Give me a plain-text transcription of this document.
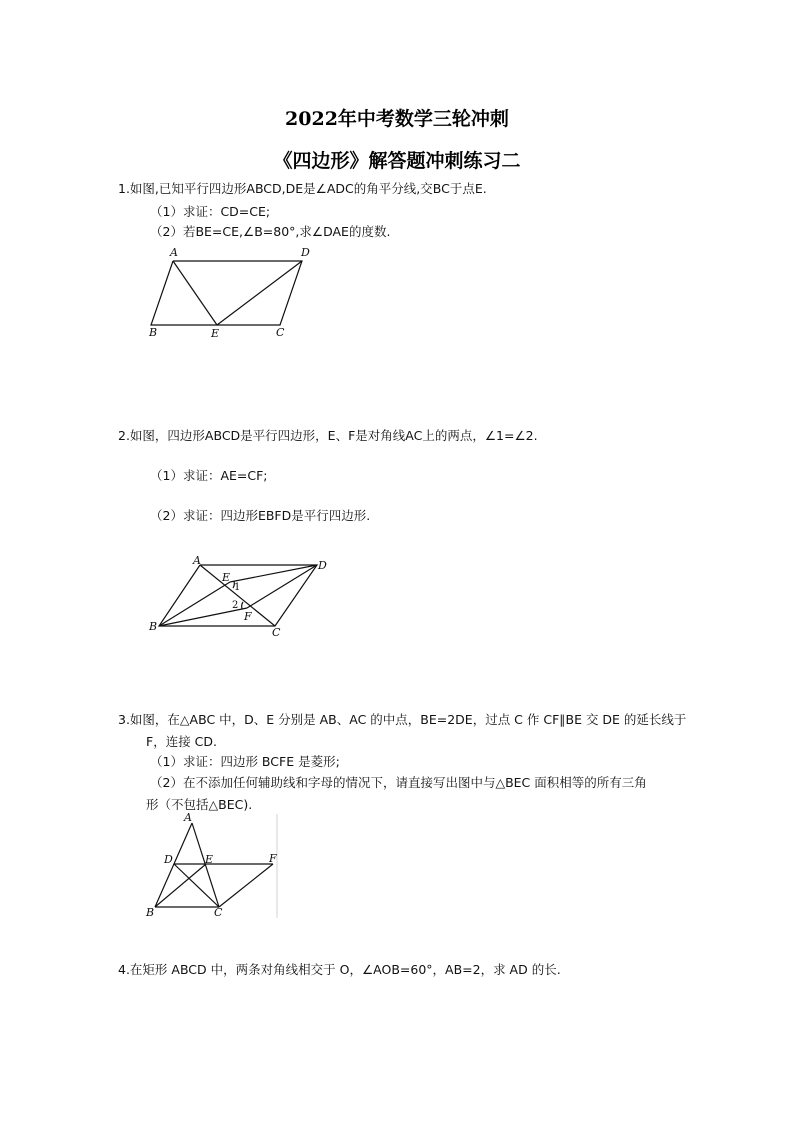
2022年中考数学三轮冲刺
《四边形》解答题冲刺练习二
1.如图,已知平行四边形ABCD,DE是∠ADC的角平分线,交BC于点E.
（1）求证：CD=CE;
（2）若BE=CE,∠B=80°,求∠DAE的度数.
A	D
B	E	C
2.如图，四边形ABCD是平行四边形，E、F是对角线AC上的两点，∠1=∠2.
（1）求证：AE=CF;
（2）求证：四边形EBFD是平行四边形.
A	D
E
1
2
F
B	C
3.如图，在△ABC 中，D、E 分别是 AB、AC 的中点，BE=2DE，过点 C 作 CF∥BE 交 DE 的延长线于
F，连接 CD.
（1）求证：四边形 BCFE 是菱形;
（2）在不添加任何辅助线和字母的情况下，请直接写出图中与△BEC 面积相等的所有三角
形（不包括△BEC).
A
D	E	F
B	C
4.在矩形 ABCD 中，两条对角线相交于 O，∠AOB=60°，AB=2，求 AD 的长.
